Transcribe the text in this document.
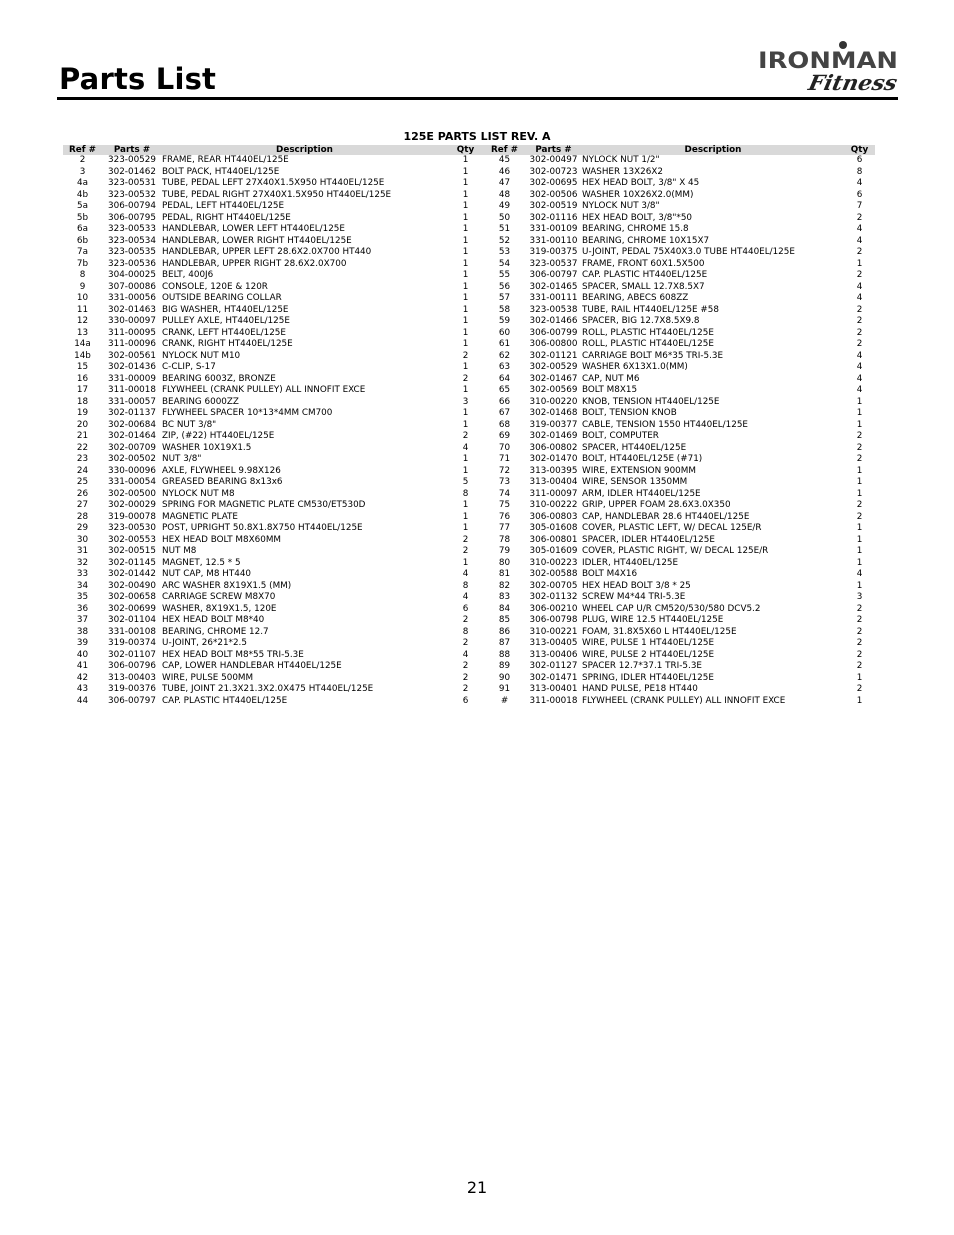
Parts List
IRONMAN
Fitness
125E PARTS LIST REV. A
Ref #	Parts #	Description	Qty	Ref #	Parts #	Description	Qty
2	323-00529	FRAME, REAR HT440EL/125E	1	45	302-00497	NYLOCK NUT 1/2"	6
3	302-01462	BOLT PACK, HT440EL/125E	1	46	302-00723	WASHER 13X26X2	8
4a	323-00531	TUBE, PEDAL LEFT 27X40X1.5X950 HT440EL/125E	1	47	302-00695	HEX HEAD BOLT, 3/8" X 45	4
4b	323-00532	TUBE, PEDAL RIGHT 27X40X1.5X950 HT440EL/125E	1	48	302-00506	WASHER 10X26X2.0(MM)	6
5a	306-00794	PEDAL, LEFT HT440EL/125E	1	49	302-00519	NYLOCK NUT 3/8"	7
5b	306-00795	PEDAL, RIGHT HT440EL/125E	1	50	302-01116	HEX HEAD BOLT, 3/8"*50	2
6a	323-00533	HANDLEBAR, LOWER LEFT HT440EL/125E	1	51	331-00109	BEARING, CHROME 15.8	4
6b	323-00534	HANDLEBAR, LOWER RIGHT HT440EL/125E	1	52	331-00110	BEARING, CHROME 10X15X7	4
7a	323-00535	HANDLEBAR, UPPER LEFT 28.6X2.0X700 HT440	1	53	319-00375	U-JOINT, PEDAL 75X40X3.0 TUBE HT440EL/125E	2
7b	323-00536	HANDLEBAR, UPPER RIGHT 28.6X2.0X700	1	54	323-00537	FRAME, FRONT 60X1.5X500	1
8	304-00025	BELT, 400J6	1	55	306-00797	CAP. PLASTIC HT440EL/125E	2
9	307-00086	CONSOLE, 120E & 120R	1	56	302-01465	SPACER, SMALL 12.7X8.5X7	4
10	331-00056	OUTSIDE BEARING COLLAR	1	57	331-00111	BEARING, ABECS 608ZZ	4
11	302-01463	BIG WASHER, HT440EL/125E	1	58	323-00538	TUBE, RAIL HT440EL/125E #58	2
12	330-00097	PULLEY AXLE, HT440EL/125E	1	59	302-01466	SPACER, BIG 12.7X8.5X9.8	2
13	311-00095	CRANK, LEFT HT440EL/125E	1	60	306-00799	ROLL, PLASTIC HT440EL/125E	2
14a	311-00096	CRANK, RIGHT HT440EL/125E	1	61	306-00800	ROLL, PLASTIC HT440EL/125E	2
14b	302-00561	NYLOCK NUT M10	2	62	302-01121	CARRIAGE BOLT M6*35 TRI-5.3E	4
15	302-01436	C-CLIP, S-17	1	63	302-00529	WASHER 6X13X1.0(MM)	4
16	331-00009	BEARING 6003Z, BRONZE	2	64	302-01467	CAP, NUT M6	4
17	311-00018	FLYWHEEL (CRANK PULLEY) ALL INNOFIT EXCE	1	65	302-00569	BOLT M8X15	4
18	331-00057	BEARING 6000ZZ	3	66	310-00220	KNOB, TENSION HT440EL/125E	1
19	302-01137	FLYWHEEL SPACER 10*13*4MM CM700	1	67	302-01468	BOLT, TENSION KNOB	1
20	302-00684	BC NUT 3/8"	1	68	319-00377	CABLE, TENSION 1550 HT440EL/125E	1
21	302-01464	ZIP, (#22) HT440EL/125E	2	69	302-01469	BOLT, COMPUTER	2
22	302-00709	WASHER 10X19X1.5	4	70	306-00802	SPACER, HT440EL/125E	2
23	302-00502	NUT 3/8"	1	71	302-01470	BOLT, HT440EL/125E (#71)	2
24	330-00096	AXLE, FLYWHEEL 9.98X126	1	72	313-00395	WIRE, EXTENSION 900MM	1
25	331-00054	GREASED BEARING 8x13x6	5	73	313-00404	WIRE, SENSOR 1350MM	1
26	302-00500	NYLOCK NUT M8	8	74	311-00097	ARM, IDLER HT440EL/125E	1
27	302-00029	SPRING FOR MAGNETIC PLATE CM530/ET530D	1	75	310-00222	GRIP, UPPER FOAM 28.6X3.0X350	2
28	319-00078	MAGNETIC PLATE	1	76	306-00803	CAP, HANDLEBAR 28.6 HT440EL/125E	2
29	323-00530	POST, UPRIGHT 50.8X1.8X750 HT440EL/125E	1	77	305-01608	COVER, PLASTIC LEFT, W/ DECAL 125E/R	1
30	302-00553	HEX HEAD BOLT M8X60MM	2	78	306-00801	SPACER, IDLER HT440EL/125E	1
31	302-00515	NUT M8	2	79	305-01609	COVER, PLASTIC RIGHT, W/ DECAL 125E/R	1
32	302-01145	MAGNET, 12.5 * 5	1	80	310-00223	IDLER, HT440EL/125E	1
33	302-01442	NUT CAP, M8 HT440	4	81	302-00588	BOLT M4X16	4
34	302-00490	ARC WASHER 8X19X1.5 (MM)	8	82	302-00705	HEX HEAD BOLT 3/8 * 25	1
35	302-00658	CARRIAGE SCREW M8X70	4	83	302-01132	SCREW M4*44 TRI-5.3E	3
36	302-00699	WASHER, 8X19X1.5, 120E	6	84	306-00210	WHEEL CAP U/R CM520/530/580 DCV5.2	2
37	302-01104	HEX HEAD BOLT M8*40	2	85	306-00798	PLUG, WIRE 12.5 HT440EL/125E	2
38	331-00108	BEARING, CHROME 12.7	8	86	310-00221	FOAM, 31.8X5X60 L HT440EL/125E	2
39	319-00374	U-JOINT, 26*21*2.5	2	87	313-00405	WIRE, PULSE 1 HT440EL/125E	2
40	302-01107	HEX HEAD BOLT M8*55 TRI-5.3E	4	88	313-00406	WIRE, PULSE 2 HT440EL/125E	2
41	306-00796	CAP, LOWER HANDLEBAR HT440EL/125E	2	89	302-01127	SPACER 12.7*37.1 TRI-5.3E	2
42	313-00403	WIRE, PULSE 500MM	2	90	302-01471	SPRING, IDLER HT440EL/125E	1
43	319-00376	TUBE, JOINT 21.3X21.3X2.0X475 HT440EL/125E	2	91	313-00401	HAND PULSE, PE18 HT440	2
44	306-00797	CAP. PLASTIC HT440EL/125E	6	#	311-00018	FLYWHEEL (CRANK PULLEY) ALL INNOFIT EXCE	1
21
